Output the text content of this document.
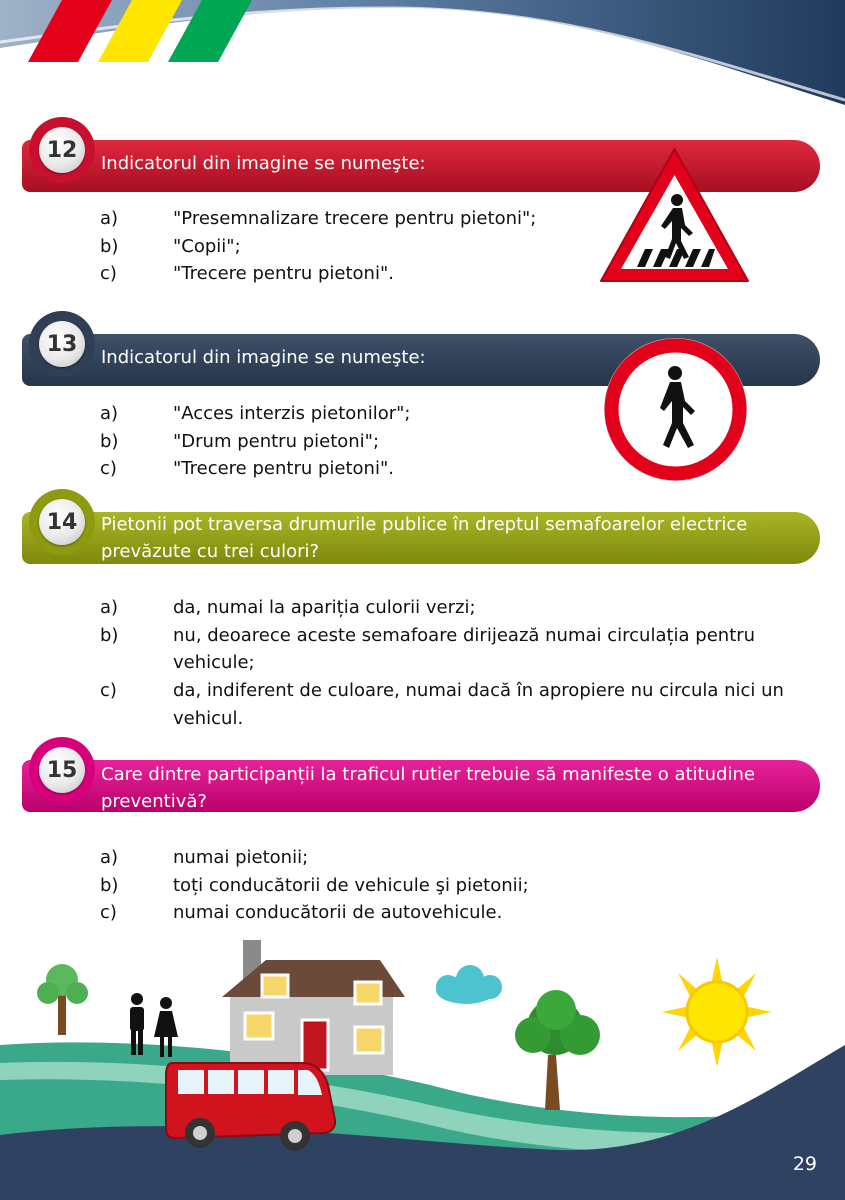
12
Indicatorul din imagine se numeşte:
a)	"Presemnalizare trecere pentru pietoni";
b)	"Copii";
c)	"Trecere pentru pietoni".
13
Indicatorul din imagine se numeşte:
a)	"Acces interzis pietonilor";
b)	"Drum pentru pietoni";
c)	"Trecere pentru pietoni".
14	Pietonii pot traversa drumurile publice în dreptul semafoarelor electrice prevăzute cu trei culori?
a)	da, numai la apariția culorii verzi;
b)	nu, deoarece aceste semafoare dirijează numai circulația pentru vehicule;
c)	da, indiferent de culoare, numai dacă în apropiere nu circula nici un vehicul.
15	Care dintre participanții la traficul rutier trebuie să manifeste o atitudine preventivă?
a)	numai pietonii;
b)	toți conducătorii de vehicule şi pietonii;
c)	numai conducătorii de autovehicule.
29
